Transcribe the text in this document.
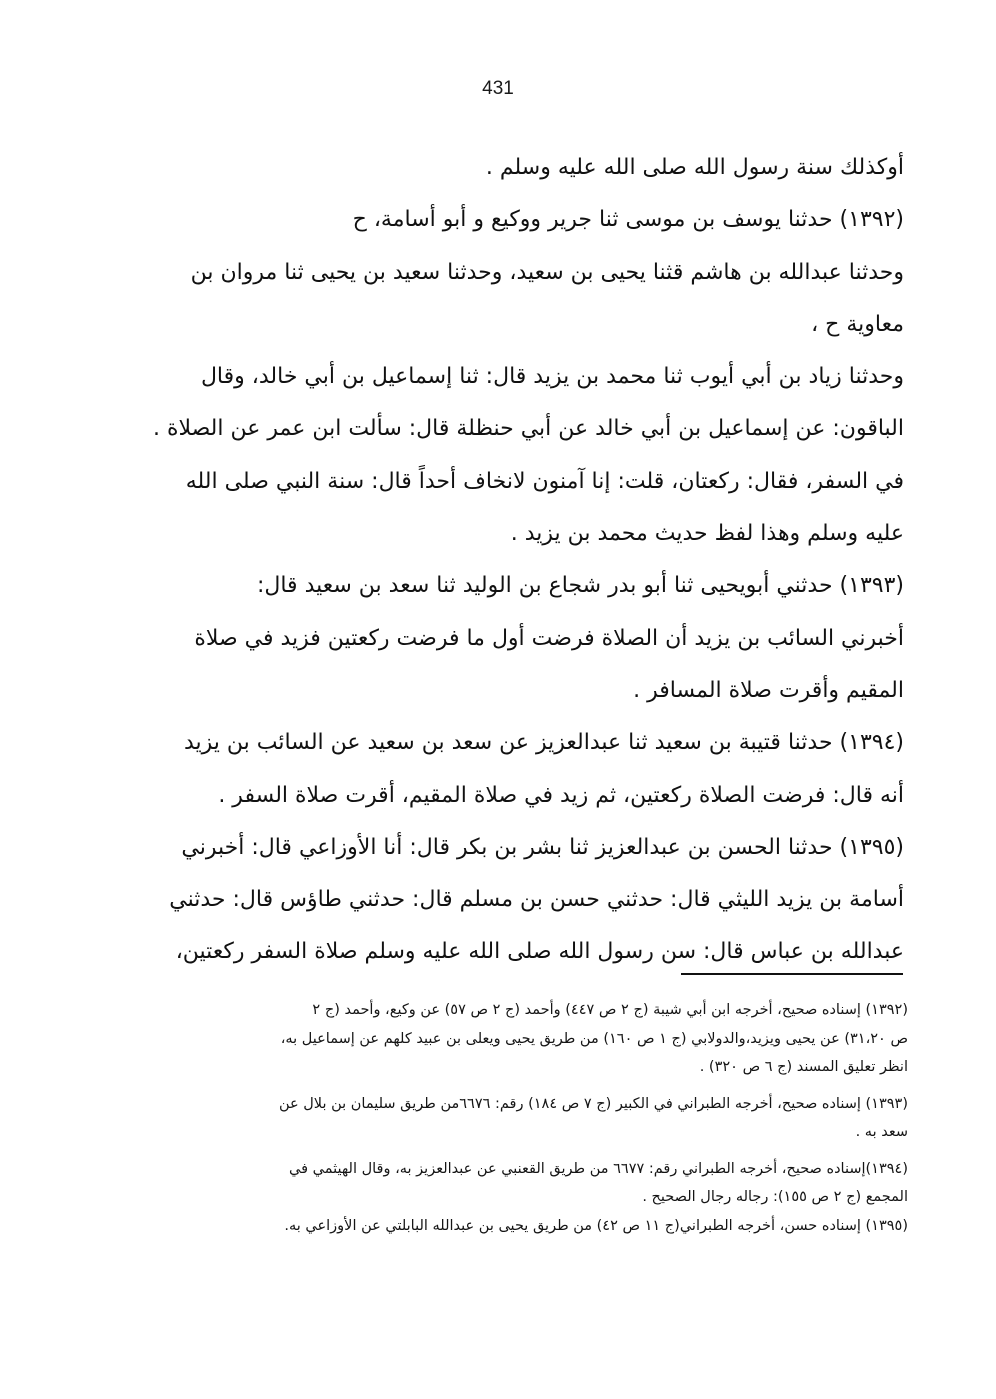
431
أوكذلك سنة رسول الله صلى الله عليه وسلم .
(١٣٩٢) حدثنا يوسف بن موسى ثنا جرير ووكيع و أبو أسامة، ح
وحدثنا عبدالله بن هاشم قثنا يحيى بن سعيد، وحدثنا سعيد بن يحيى ثنا مروان بن
معاوية ح ،
وحدثنا زياد بن أبي أيوب ثنا محمد بن يزيد قال: ثنا إسماعيل بن أبي خالد، وقال
الباقون: عن إسماعيل بن أبي خالد عن أبي حنظلة قال: سألت ابن عمر عن الصلاة .
في السفر، فقال: ركعتان، قلت: إنا آمنون لانخاف أحداً قال: سنة النبي صلى الله
عليه وسلم وهذا لفظ حديث محمد بن يزيد .
(١٣٩٣) حدثني أبويحيى ثنا أبو بدر شجاع بن الوليد ثنا سعد بن سعيد قال:
أخبرني السائب بن يزيد أن الصلاة فرضت أول ما فرضت ركعتين فزيد في صلاة
المقيم وأقرت صلاة المسافر .
(١٣٩٤) حدثنا قتيبة بن سعيد ثنا عبدالعزيز عن سعد بن سعيد عن السائب بن يزيد
أنه قال: فرضت الصلاة ركعتين، ثم زيد في صلاة المقيم، أقرت صلاة السفر .
(١٣٩٥) حدثنا الحسن بن عبدالعزيز ثنا بشر بن بكر قال: أنا الأوزاعي قال: أخبرني
أسامة بن يزيد الليثي قال: حدثني حسن بن مسلم قال: حدثني طاؤس قال: حدثني
عبدالله بن عباس قال: سن رسول الله صلى الله عليه وسلم صلاة السفر ركعتين،
(١٣٩٢) إسناده صحيح، أخرجه ابن أبي شيبة (ج ٢ ص ٤٤٧) وأحمد (ج ٢ ص ٥٧) عن وكيع، وأحمد (ج ٢
ص ٣١،٢٠) عن يحيى ويزيد،والدولابي (ج ١ ص ١٦٠) من طريق يحيى ويعلى بن عبيد كلهم عن إسماعيل به،
انظر تعليق المسند (ج ٦ ص ٣٢٠) .
(١٣٩٣) إسناده صحيح، أخرجه الطبراني في الكبير (ج ٧ ص ١٨٤) رقم: ٦٦٧٦من طريق سليمان بن بلال عن
سعد به .
(١٣٩٤)إسناده صحيح، أخرجه الطبراني رقم: ٦٦٧٧ من طريق القعنبي عن عبدالعزيز به، وقال الهيثمي في
المجمع (ج ٢ ص ١٥٥): رجاله رجال الصحيح .
(١٣٩٥) إسناده حسن، أخرجه الطبراني(ج ١١ ص ٤٢) من طريق يحيى بن عبدالله البابلتي عن الأوزاعي به.
